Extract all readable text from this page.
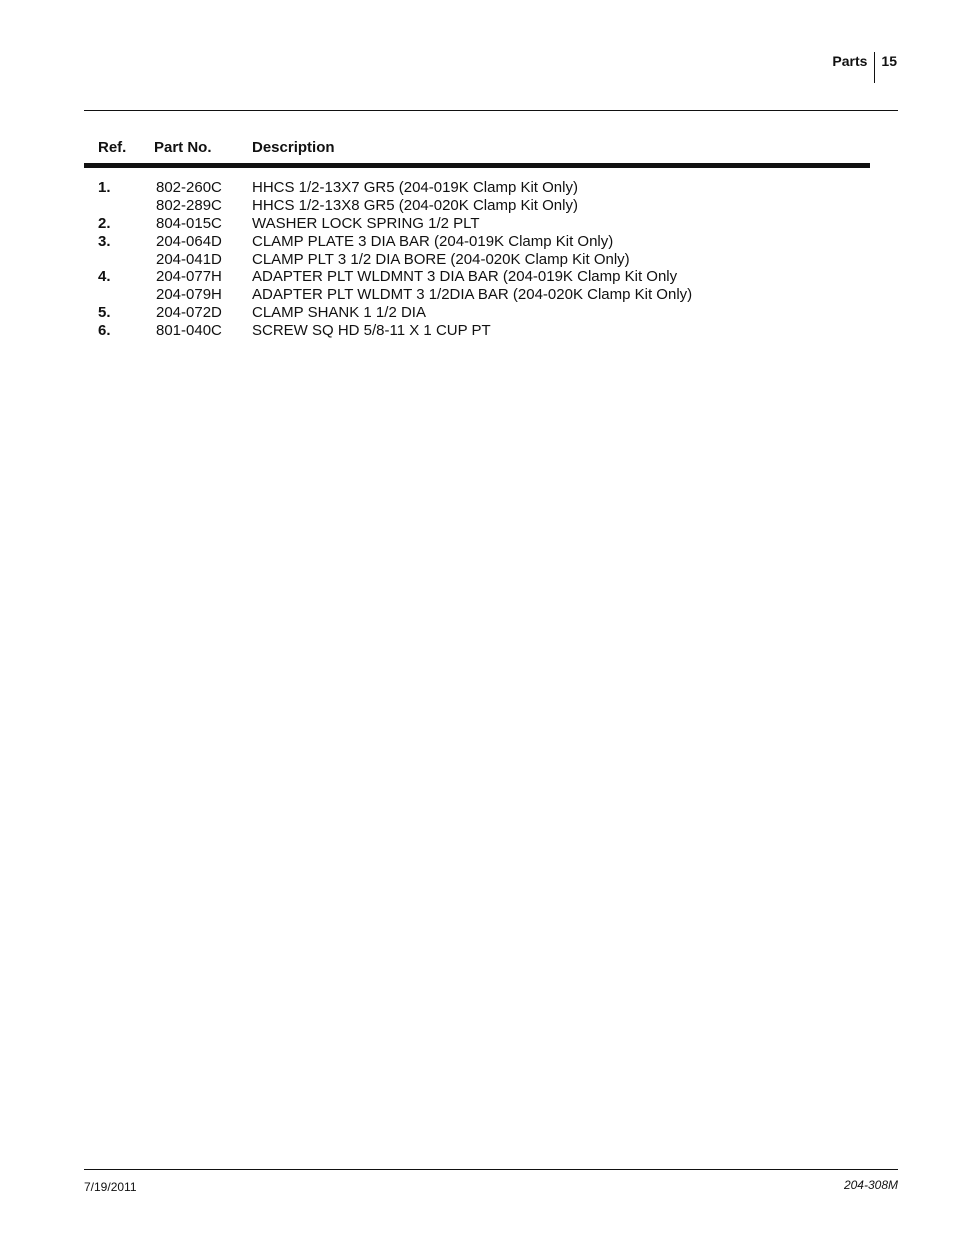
Parts	15
Ref. Part No.	Description
1.	802-260C HHCS 1/2-13X7 GR5 (204-019K Clamp Kit Only)
802-289C HHCS 1/2-13X8 GR5 (204-020K Clamp Kit Only)
2.	804-015C WASHER LOCK SPRING 1/2 PLT
3.	204-064D CLAMP PLATE 3 DIA BAR (204-019K Clamp Kit Only)
204-041D CLAMP PLT 3 1/2 DIA BORE (204-020K Clamp Kit Only)
4.	204-077H ADAPTER PLT WLDMNT 3 DIA BAR (204-019K Clamp Kit Only
204-079H ADAPTER PLT WLDMT 3 1/2DIA BAR (204-020K Clamp Kit Only)
5.	204-072D CLAMP SHANK 1 1/2 DIA
6.	801-040C SCREW SQ HD 5/8-11 X 1 CUP PT
7/19/2011	204-308M
